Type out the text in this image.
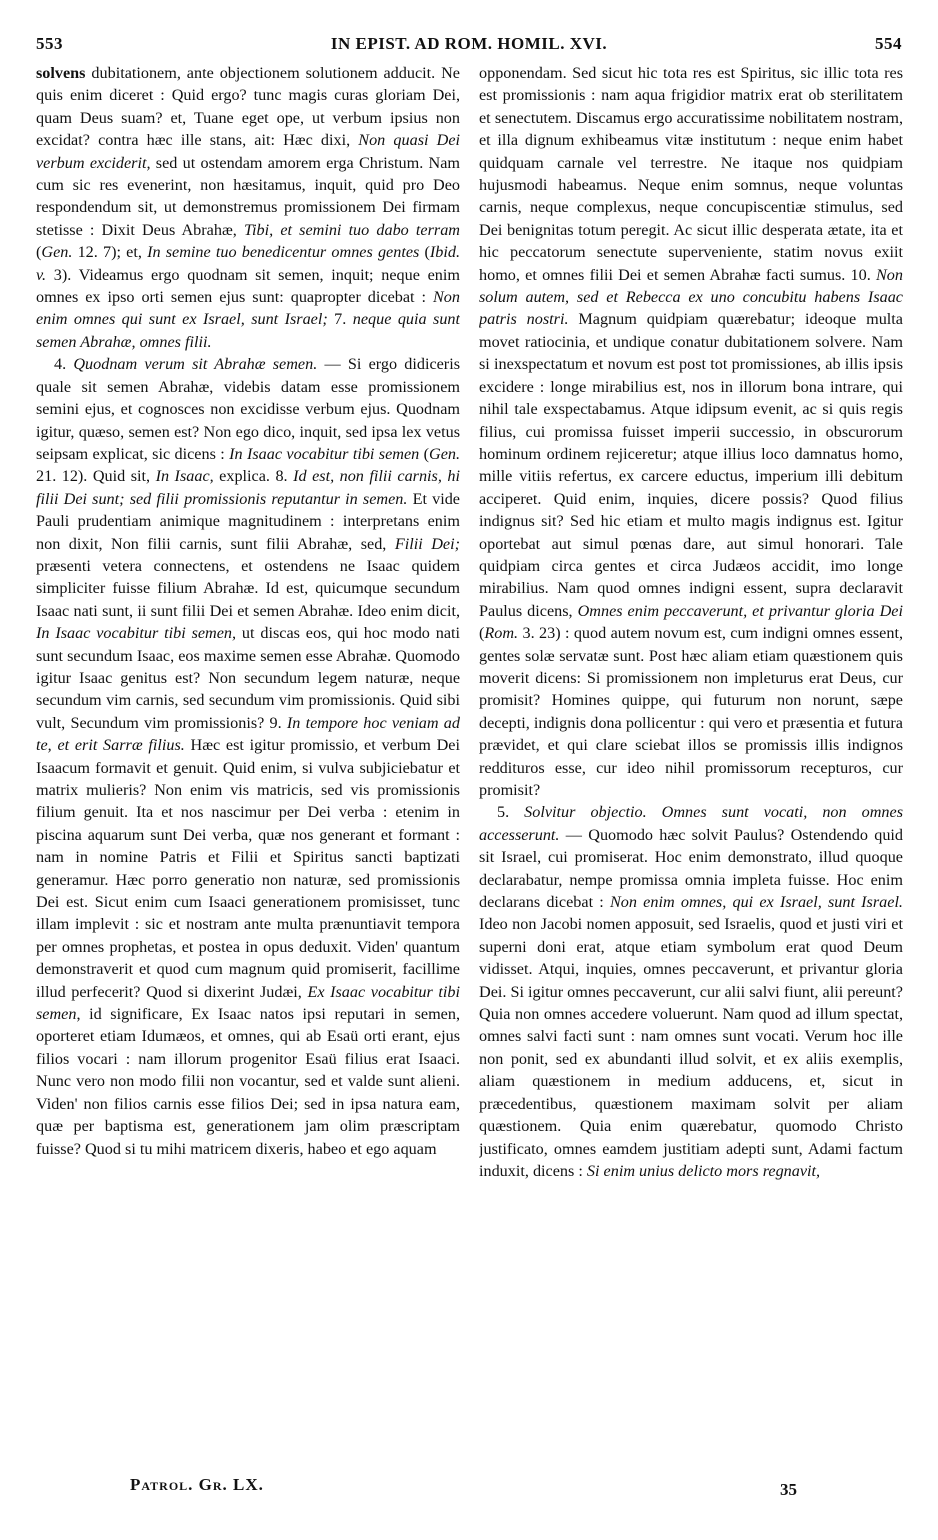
553	IN EPIST. AD ROM. HOMIL. XVI.	554

solvens dubitationem, ante objectionem solutionem adducit. Ne quis enim diceret : Quid ergo? tunc magis curas gloriam Dei, quam Deus suam? et, Tuane eget ope, ut verbum ipsius non excidat? contra hæc ille stans, ait: Hæc dixi, Non quasi Dei verbum exciderit, sed ut ostendam amorem erga Christum. Nam cum sic res evenerint, non hæsitamus, inquit, quid pro Deo respondendum sit, ut demonstremus promissionem Dei firmam stetisse : Dixit Deus Abrahæ, Tibi, et semini tuo dabo terram (Gen. 12. 7); et, In semine tuo benedicentur omnes gentes (Ibid. v. 3). Videamus ergo quodnam sit semen, inquit; neque enim omnes ex ipso orti semen ejus sunt: quapropter dicebat : Non enim omnes qui sunt ex Israel, sunt Israel; 7. neque quia sunt semen Abrahæ, omnes filii.

4. Quodnam verum sit Abrahæ semen. — Si ergo didiceris quale sit semen Abrahæ, videbis datam esse promissionem semini ejus, et cognosces non excidisse verbum ejus. Quodnam igitur, quæso, semen est? Non ego dico, inquit, sed ipsa lex vetus seipsam explicat, sic dicens : In Isaac vocabitur tibi semen (Gen. 21. 12). Quid sit, In Isaac, explica. 8. Id est, non filii carnis, hi filii Dei sunt; sed filii promissionis reputantur in semen. Et vide Pauli prudentiam animique magnitudinem : interpretans enim non dixit, Non filii carnis, sunt filii Abrahæ, sed, Filii Dei; præsenti vetera connectens, et ostendens ne Isaac quidem simpliciter fuisse filium Abrahæ. Id est, quicumque secundum Isaac nati sunt, ii sunt filii Dei et semen Abrahæ. Ideo enim dicit, In Isaac vocabitur tibi semen, ut discas eos, qui hoc modo nati sunt secundum Isaac, eos maxime semen esse Abrahæ. Quomodo igitur Isaac genitus est? Non secundum legem naturæ, neque secundum vim carnis, sed secundum vim promissionis. Quid sibi vult, Secundum vim promissionis? 9. In tempore hoc veniam ad te, et erit Sarræ filius. Hæc est igitur promissio, et verbum Dei Isaacum formavit et genuit. Quid enim, si vulva subjiciebatur et matrix mulieris? Non enim vis matricis, sed vis promissionis filium genuit. Ita et nos nascimur per Dei verba : etenim in piscina aquarum sunt Dei verba, quæ nos generant et formant : nam in nomine Patris et Filii et Spiritus sancti baptizati generamur. Hæc porro generatio non naturæ, sed promissionis Dei est. Sicut enim cum Isaaci generationem promisisset, tunc illam implevit : sic et nostram ante multa prænuntiavit tempora per omnes prophetas, et postea in opus deduxit. Viden' quantum demonstraverit et quod cum magnum quid promiserit, facillime illud perfecerit? Quod si dixerint Judæi, Ex Isaac vocabitur tibi semen, id significare, Ex Isaac natos ipsi reputari in semen, oporteret etiam Idumæos, et omnes, qui ab Esaü orti erant, ejus filios vocari : nam illorum progenitor Esaü filius erat Isaaci. Nunc vero non modo filii non vocantur, sed et valde sunt alieni. Viden' non filios carnis esse filios Dei; sed in ipsa natura eam, quæ per baptisma est, generationem jam olim præscriptam fuisse? Quod si tu mihi matricem dixeris, habeo et ego aquam

opponendam. Sed sicut hic tota res est Spiritus, sic illic tota res est promissionis : nam aqua frigidior matrix erat ob sterilitatem et senectutem. Discamus ergo accuratissime nobilitatem nostram, et illa dignum exhibeamus vitæ institutum : neque enim habet quidquam carnale vel terrestre. Ne itaque nos quidpiam hujusmodi habeamus. Neque enim somnus, neque voluntas carnis, neque complexus, neque concupiscentiæ stimulus, sed Dei benignitas totum peregit. Ac sicut illic desperata ætate, ita et hic peccatorum senectute superveniente, statim novus exiit homo, et omnes filii Dei et semen Abrahæ facti sumus. 10. Non solum autem, sed et Rebecca ex uno concubitu habens Isaac patris nostri. Magnum quidpiam quærebatur; ideoque multa movet ratiocinia, et undique conatur dubitationem solvere. Nam si inexspectatum et novum est post tot promissiones, ab illis ipsis excidere : longe mirabilius est, nos in illorum bona intrare, qui nihil tale exspectabamus. Atque idipsum evenit, ac si quis regis filius, cui promissa fuisset imperii successio, in obscurorum hominum ordinem rejiceretur; atque illius loco damnatus homo, mille vitiis refertus, ex carcere eductus, imperium illi debitum acciperet. Quid enim, inquies, dicere possis? Quod filius indignus sit? Sed hic etiam et multo magis indignus est. Igitur oportebat aut simul pœnas dare, aut simul honorari. Tale quidpiam circa gentes et circa Judæos accidit, imo longe mirabilius. Nam quod omnes indigni essent, supra declaravit Paulus dicens, Omnes enim peccaverunt, et privantur gloria Dei (Rom. 3. 23) : quod autem novum est, cum indigni omnes essent, gentes solæ servatæ sunt. Post hæc aliam etiam quæstionem quis moverit dicens: Si promissionem non impleturus erat Deus, cur promisit? Homines quippe, qui futurum non norunt, sæpe decepti, indignis dona pollicentur : qui vero et præsentia et futura prævidet, et qui clare sciebat illos se promissis illis indignos reddituros esse, cur ideo nihil promissorum recepturos, cur promisit?

5. Solvitur objectio. Omnes sunt vocati, non omnes accesserunt. — Quomodo hæc solvit Paulus? Ostendendo quid sit Israel, cui promiserat. Hoc enim demonstrato, illud quoque declarabatur, nempe promissa omnia impleta fuisse. Hoc enim declarans dicebat : Non enim omnes, qui ex Israel, sunt Israel. Ideo non Jacobi nomen apposuit, sed Israelis, quod et justi viri et superni doni erat, atque etiam symbolum erat quod Deum vidisset. Atqui, inquies, omnes peccaverunt, et privantur gloria Dei. Si igitur omnes peccaverunt, cur alii salvi fiunt, alii pereunt? Quia non omnes accedere voluerunt. Nam quod ad illum spectat, omnes salvi facti sunt : nam omnes sunt vocati. Verum hoc ille non ponit, sed ex abundanti illud solvit, et ex aliis exemplis, aliam quæstionem in medium adducens, et, sicut in præcedentibus, quæstionem maximam solvit per aliam quæstionem. Quia enim quærebatur, quomodo Christo justificato, omnes eamdem justitiam adepti sunt, Adami factum induxit, dicens : Si enim unius delicto mors regnavit,

Patrol. Gr. LX.	35
